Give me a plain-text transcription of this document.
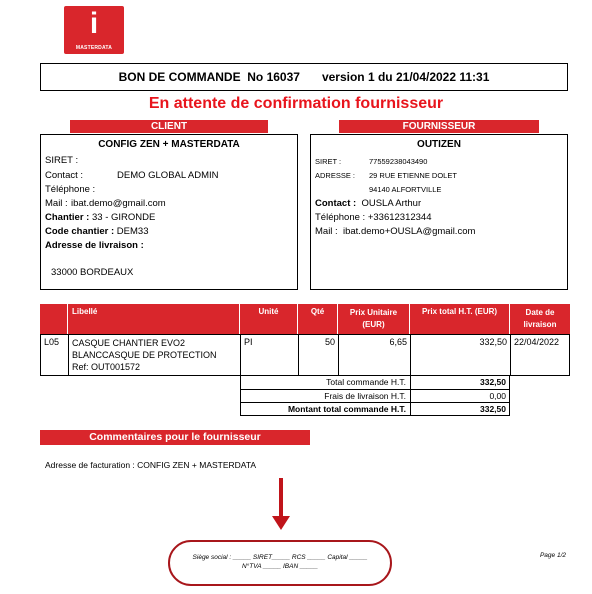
i
MASTERDATA
BON DE COMMANDE
No 16037 version 1 du 21/04/2022 11:31
En attente de confirmation fournisseur
CLIENT
CONFIG ZEN + MASTERDATA
SIRET :
Contact :	DEMO GLOBAL ADMIN
Téléphone :
Mail : ibat.demo@gmail.com
Chantier : 33 - GIRONDE
Code chantier : DEM33
Adresse de livraison :
33000 BORDEAUX
FOURNISSEUR
OUTIZEN
SIRET :	77559238043490
ADRESSE : 29 RUE ETIENNE DOLET
94140 ALFORTVILLE
Contact : OUSLA Arthur
Téléphone : +33612312344
Mail : ibat.demo+OUSLA@gmail.com
Libellé	Unité	Qté	Prix Unitaire
(EUR)
Prix total H.T. (EUR)	Date de
livraison
L05	CASQUE CHANTIER EVO2
BLANCCASQUE DE PROTECTION
Ref: OUT001572
PI	50	6,65	332,50 22/04/2022
Total commande H.T.	332,50
Frais de livraison H.T.	0,00
Montant total commande H.T.	332,50
Commentaires pour le fournisseur
Adresse de facturation : CONFIG ZEN + MASTERDATA
Siège social : _____ SIRET_____ RCS _____ Capital _____
N°TVA _____ IBAN _____
Page 1/2
